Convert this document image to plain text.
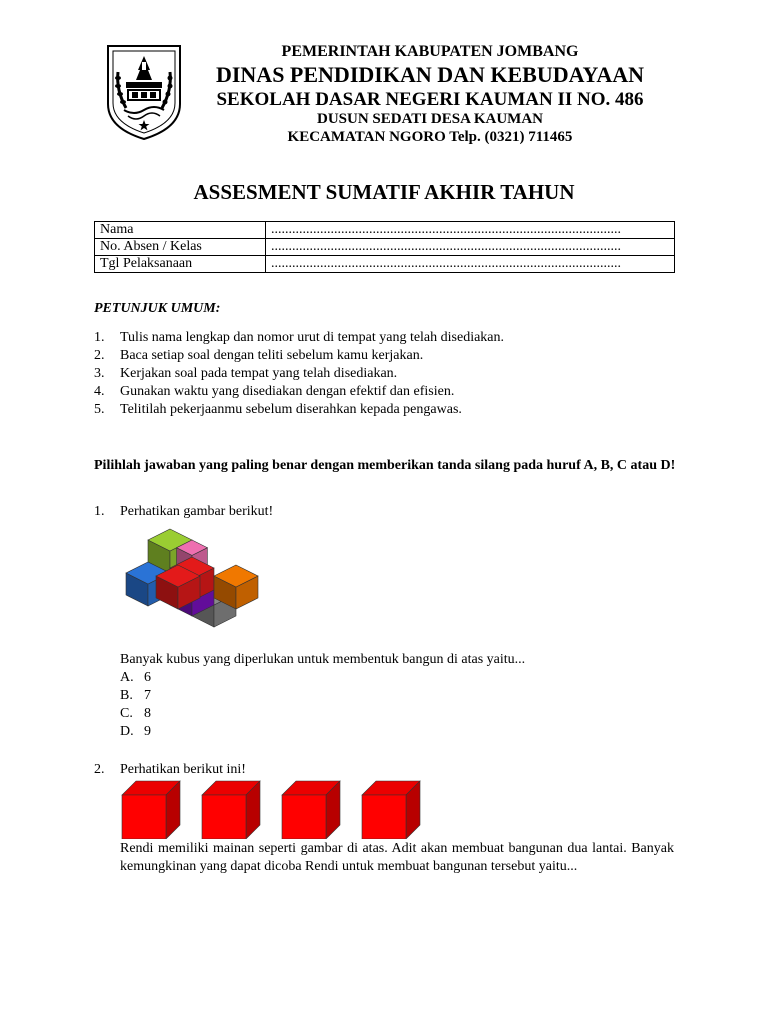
PEMERINTAH KABUPATEN JOMBANG
DINAS PENDIDIKAN DAN KEBUDAYAAN
SEKOLAH DASAR NEGERI KAUMAN II NO. 486
DUSUN SEDATI DESA KAUMAN
KECAMATAN NGORO Telp. (0321) 711465
ASSESMENT SUMATIF AKHIR TAHUN
Nama	....................................................................................................
No. Absen / Kelas	....................................................................................................
Tgl Pelaksanaan	....................................................................................................
PETUNJUK UMUM:
1. Tulis nama lengkap dan nomor urut di tempat yang telah disediakan.
2. Baca setiap soal dengan teliti sebelum kamu kerjakan.
3. Kerjakan soal pada tempat yang telah disediakan.
4. Gunakan waktu yang disediakan dengan efektif dan efisien.
5. Telitilah pekerjaanmu sebelum diserahkan kepada pengawas.
Pilihlah jawaban yang paling benar dengan memberikan tanda silang pada huruf A, B, C atau D!
1. Perhatikan gambar berikut!
Banyak kubus yang diperlukan untuk membentuk bangun di atas yaitu...
A. 6
B. 7
C. 8
D. 9
2. Perhatikan berikut ini!
Rendi memiliki mainan seperti gambar di atas. Adit akan membuat bangunan dua lantai. Banyak kemungkinan yang dapat dicoba Rendi untuk membuat bangunan tersebut yaitu...
